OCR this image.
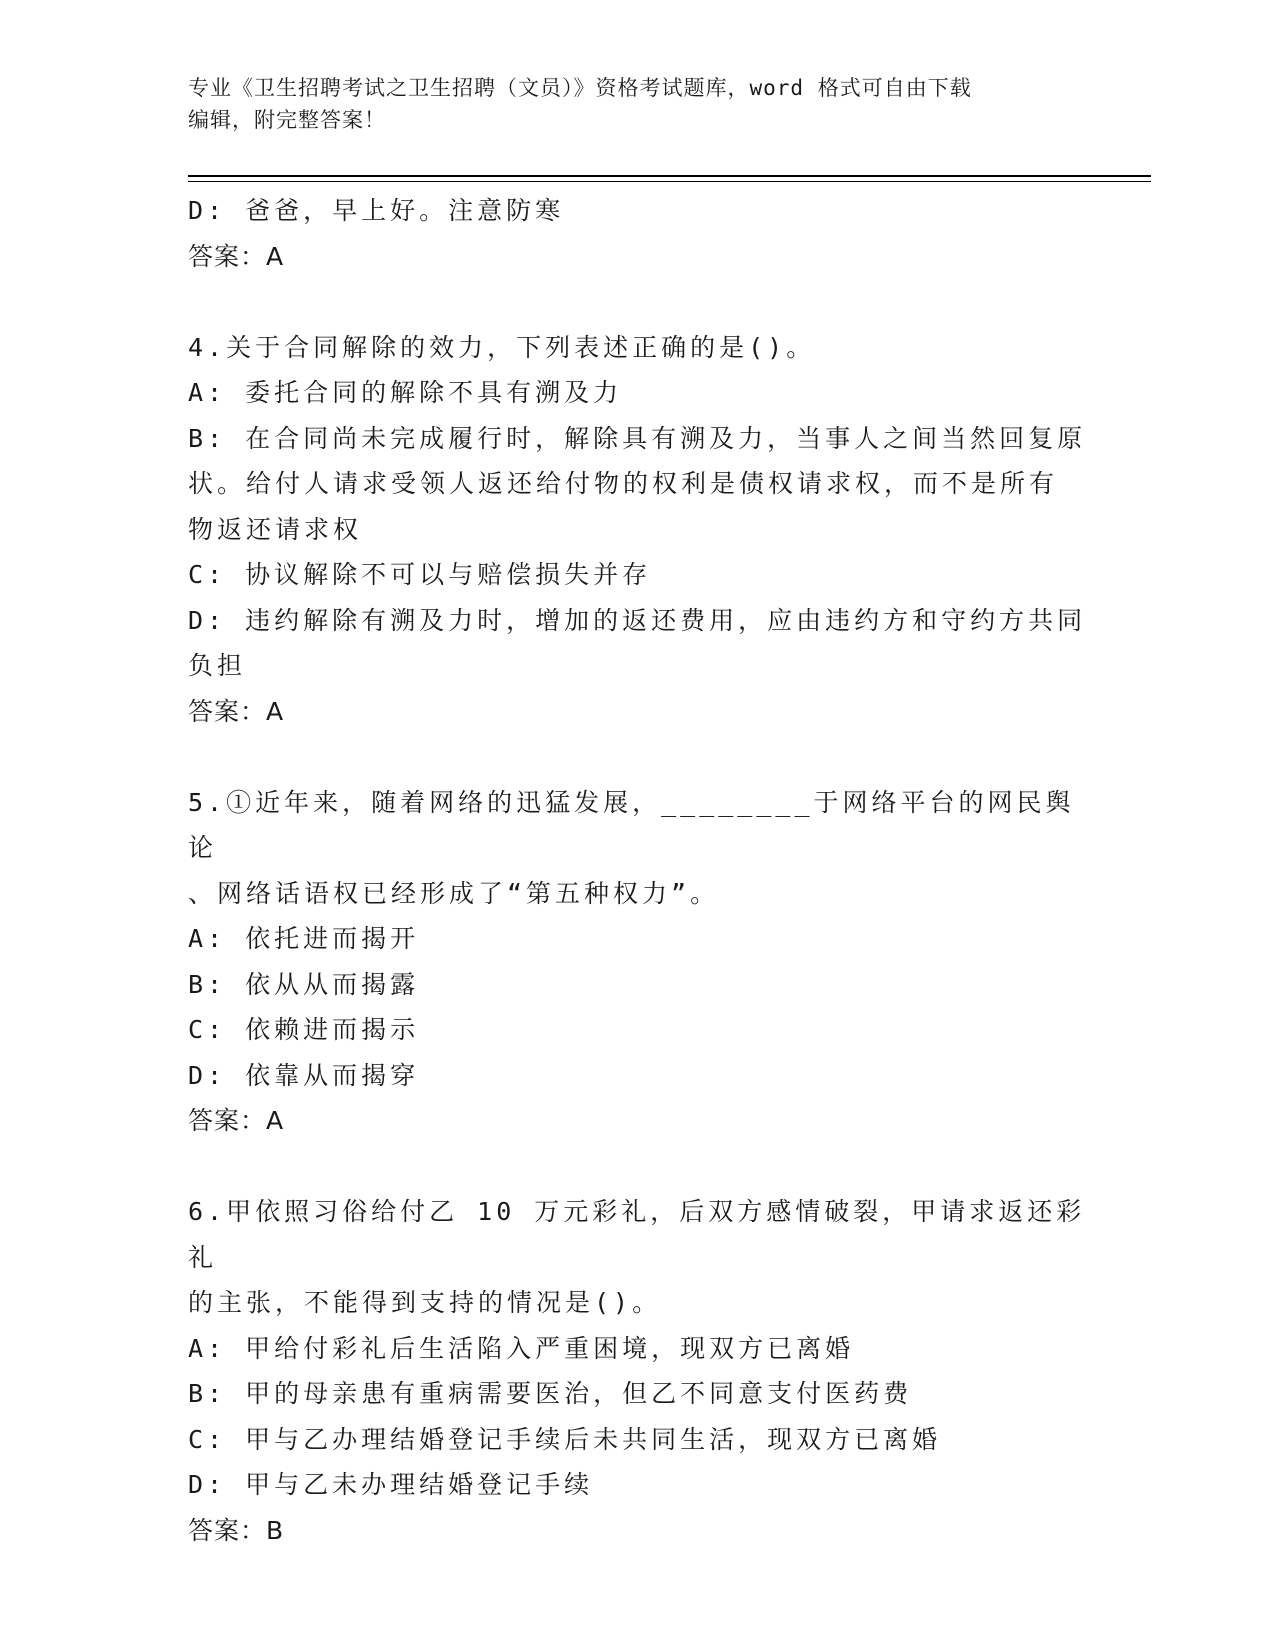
专业《卫生招聘考试之卫生招聘（文员）》资格考试题库，word 格式可自由下载
编辑，附完整答案！
D: 爸爸，早上好。注意防寒
答案：A
4.关于合同解除的效力，下列表述正确的是()。
A: 委托合同的解除不具有溯及力
B: 在合同尚未完成履行时，解除具有溯及力，当事人之间当然回复原
状。给付人请求受领人返还给付物的权利是债权请求权，而不是所有
物返还请求权
C: 协议解除不可以与赔偿损失并存
D: 违约解除有溯及力时，增加的返还费用，应由违约方和守约方共同
负担
答案：A
5.①近年来，随着网络的迅猛发展，________于网络平台的网民舆论
、网络话语权已经形成了“第五种权力”。
A: 依托进而揭开
B: 依从从而揭露
C: 依赖进而揭示
D: 依靠从而揭穿
答案：A
6.甲依照习俗给付乙 10 万元彩礼，后双方感情破裂，甲请求返还彩礼
的主张，不能得到支持的情况是()。
A: 甲给付彩礼后生活陷入严重困境，现双方已离婚
B: 甲的母亲患有重病需要医治，但乙不同意支付医药费
C: 甲与乙办理结婚登记手续后未共同生活，现双方已离婚
D: 甲与乙未办理结婚登记手续
答案：B
